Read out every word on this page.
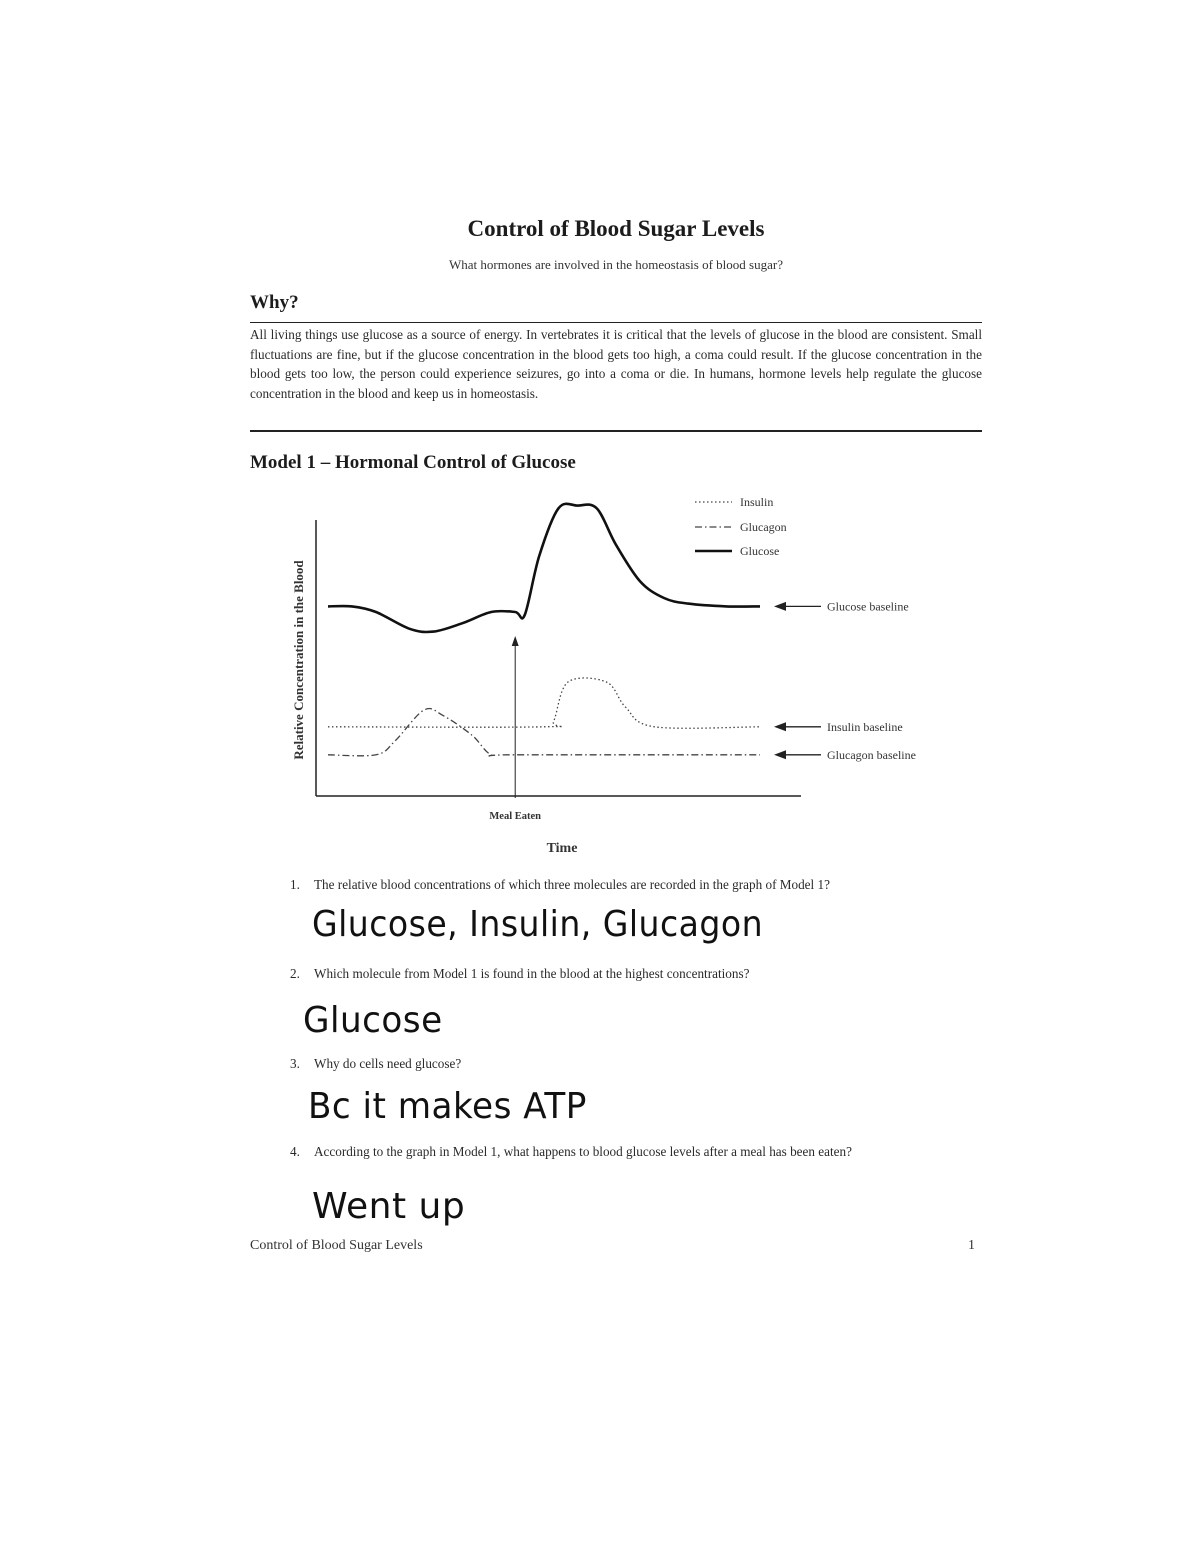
Control of Blood Sugar Levels

What hormones are involved in the homeostasis of blood sugar?

Why?

All living things use glucose as a source of energy. In vertebrates it is critical that the levels of glucose in the blood are consistent. Small fluctuations are fine, but if the glucose concentration in the blood gets too high, a coma could result. If the glucose concentration in the blood gets too low, the person could experience seizures, go into a coma or die. In humans, hormone levels help regulate the glucose concentration in the blood and keep us in homeostasis.

Model 1 – Hormonal Control of Glucose
Relative Concentration in the Blood
Time
Meal Eaten
Insulin
Glucagon
Glucose
Glucose baseline
Insulin baseline
Glucagon baseline
1.	The relative blood concentrations of which three molecules are recorded in the graph of Model 1?
Glucose, Insulin, Glucagon
2.	Which molecule from Model 1 is found in the blood at the highest concentrations?
Glucose
3.	Why do cells need glucose?
Bc it makes ATP
4.	According to the graph in Model 1, what happens to blood glucose levels after a meal has been eaten?
Went up
Control of Blood Sugar Levels	1
